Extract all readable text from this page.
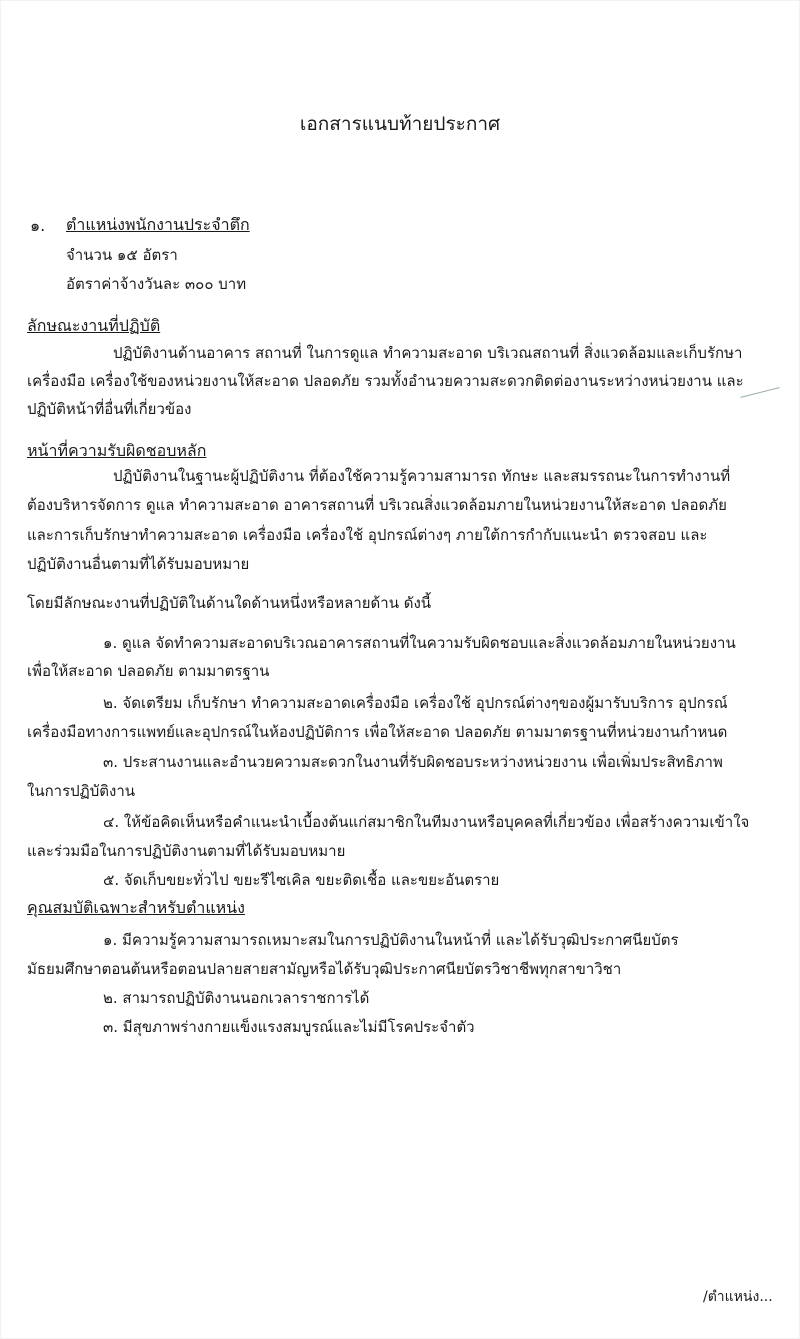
เอกสารแนบท้ายประกาศ
๑. ตำแหน่งพนักงานประจำตึก
จำนวน ๑๕ อัตรา
อัตราค่าจ้างวันละ ๓๐๐ บาท
ลักษณะงานที่ปฏิบัติ
ปฏิบัติงานด้านอาคาร สถานที่ ในการดูแล ทำความสะอาด บริเวณสถานที่ สิ่งแวดล้อมและเก็บรักษา
เครื่องมือ เครื่องใช้ของหน่วยงานให้สะอาด ปลอดภัย รวมทั้งอำนวยความสะดวกติดต่องานระหว่างหน่วยงาน และ
ปฏิบัติหน้าที่อื่นที่เกี่ยวข้อง
หน้าที่ความรับผิดชอบหลัก
ปฏิบัติงานในฐานะผู้ปฏิบัติงาน ที่ต้องใช้ความรู้ความสามารถ ทักษะ และสมรรถนะในการทำงานที่
ต้องบริหารจัดการ ดูแล ทำความสะอาด อาคารสถานที่ บริเวณสิ่งแวดล้อมภายในหน่วยงานให้สะอาด ปลอดภัย
และการเก็บรักษาทำความสะอาด เครื่องมือ เครื่องใช้ อุปกรณ์ต่างๆ ภายใต้การกำกับแนะนำ ตรวจสอบ และ
ปฏิบัติงานอื่นตามที่ได้รับมอบหมาย
โดยมีลักษณะงานที่ปฏิบัติในด้านใดด้านหนึ่งหรือหลายด้าน ดังนี้
๑. ดูแล จัดทำความสะอาดบริเวณอาคารสถานที่ในความรับผิดชอบและสิ่งแวดล้อมภายในหน่วยงาน
เพื่อให้สะอาด ปลอดภัย ตามมาตรฐาน
๒. จัดเตรียม เก็บรักษา ทำความสะอาดเครื่องมือ เครื่องใช้ อุปกรณ์ต่างๆของผู้มารับบริการ อุปกรณ์
เครื่องมือทางการแพทย์และอุปกรณ์ในห้องปฏิบัติการ เพื่อให้สะอาด ปลอดภัย ตามมาตรฐานที่หน่วยงานกำหนด
๓. ประสานงานและอำนวยความสะดวกในงานที่รับผิดชอบระหว่างหน่วยงาน เพื่อเพิ่มประสิทธิภาพ
ในการปฏิบัติงาน
๔. ให้ข้อคิดเห็นหรือคำแนะนำเบื้องต้นแก่สมาชิกในทีมงานหรือบุคคลที่เกี่ยวข้อง เพื่อสร้างความเข้าใจ
และร่วมมือในการปฏิบัติงานตามที่ได้รับมอบหมาย
๕. จัดเก็บขยะทั่วไป ขยะรีไซเคิล ขยะติดเชื้อ และขยะอันตราย
คุณสมบัติเฉพาะสำหรับตำแหน่ง
๑. มีความรู้ความสามารถเหมาะสมในการปฏิบัติงานในหน้าที่ และได้รับวุฒิประกาศนียบัตร
มัธยมศึกษาตอนต้นหรือตอนปลายสายสามัญหรือได้รับวุฒิประกาศนียบัตรวิชาชีพทุกสาขาวิชา
๒. สามารถปฏิบัติงานนอกเวลาราชการได้
๓. มีสุขภาพร่างกายแข็งแรงสมบูรณ์และไม่มีโรคประจำตัว
/ตำแหน่ง...
